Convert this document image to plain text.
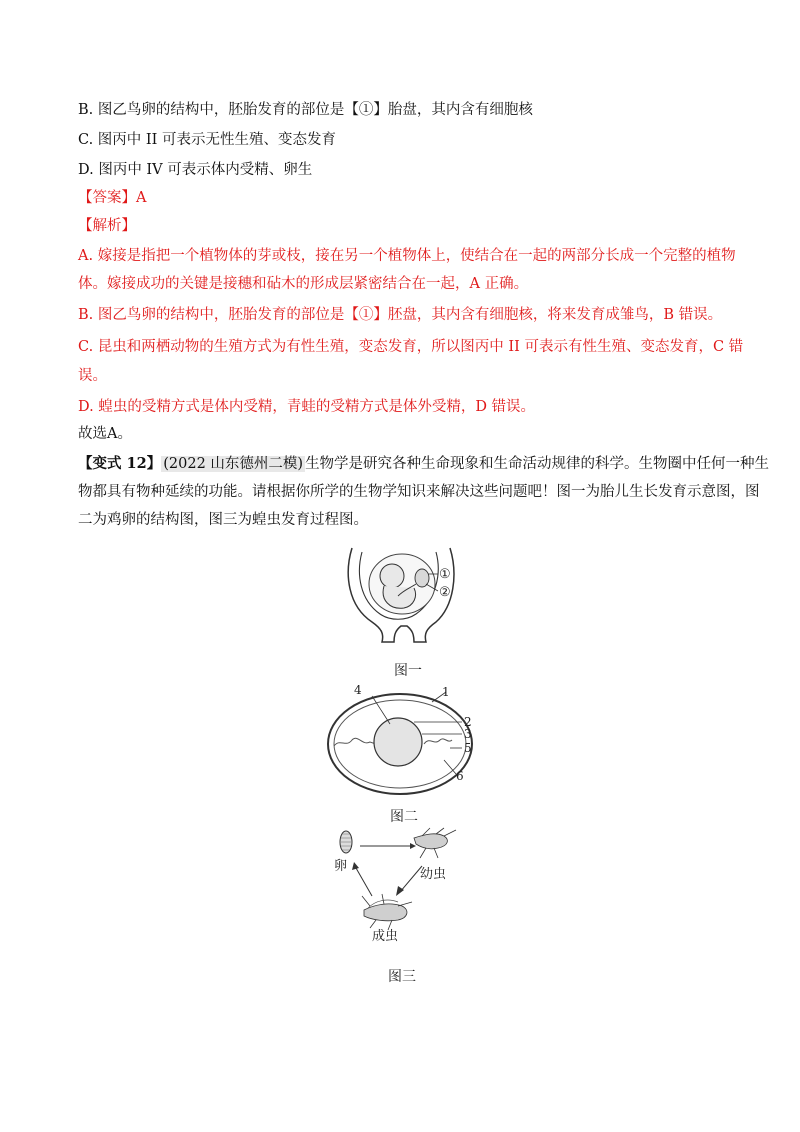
B. 图乙鸟卵的结构中，胚胎发育的部位是【①】胎盘，其内含有细胞核
C. 图丙中 II 可表示无性生殖、变态发育
D. 图丙中 IV 可表示体内受精、卵生
【答案】A
【解析】
A. 嫁接是指把一个植物体的芽或枝，接在另一个植物体上，使结合在一起的两部分长成一个完整的植物
体。嫁接成功的关键是接穗和砧木的形成层紧密结合在一起，A 正确。
B. 图乙鸟卵的结构中，胚胎发育的部位是【①】胚盘，其内含有细胞核，将来发育成雏鸟，B 错误。
C. 昆虫和两栖动物的生殖方式为有性生殖，变态发育，所以图丙中 II 可表示有性生殖、变态发育，C 错
误。
D. 蝗虫的受精方式是体内受精，青蛙的受精方式是体外受精，D 错误。
故选A。
【变式 12】 (2022 山东德州二模) 生物学是研究各种生命现象和生命活动规律的科学。生物圈中任何一种生
物都具有物种延续的功能。请根据你所学的生物学知识来解决这些问题吧！图一为胎儿生长发育示意图，图
二为鸡卵的结构图，图三为蝗虫发育过程图。
①
②
图一
1
2
3
4
5
6
图二
卵
幼虫
成虫
图三
